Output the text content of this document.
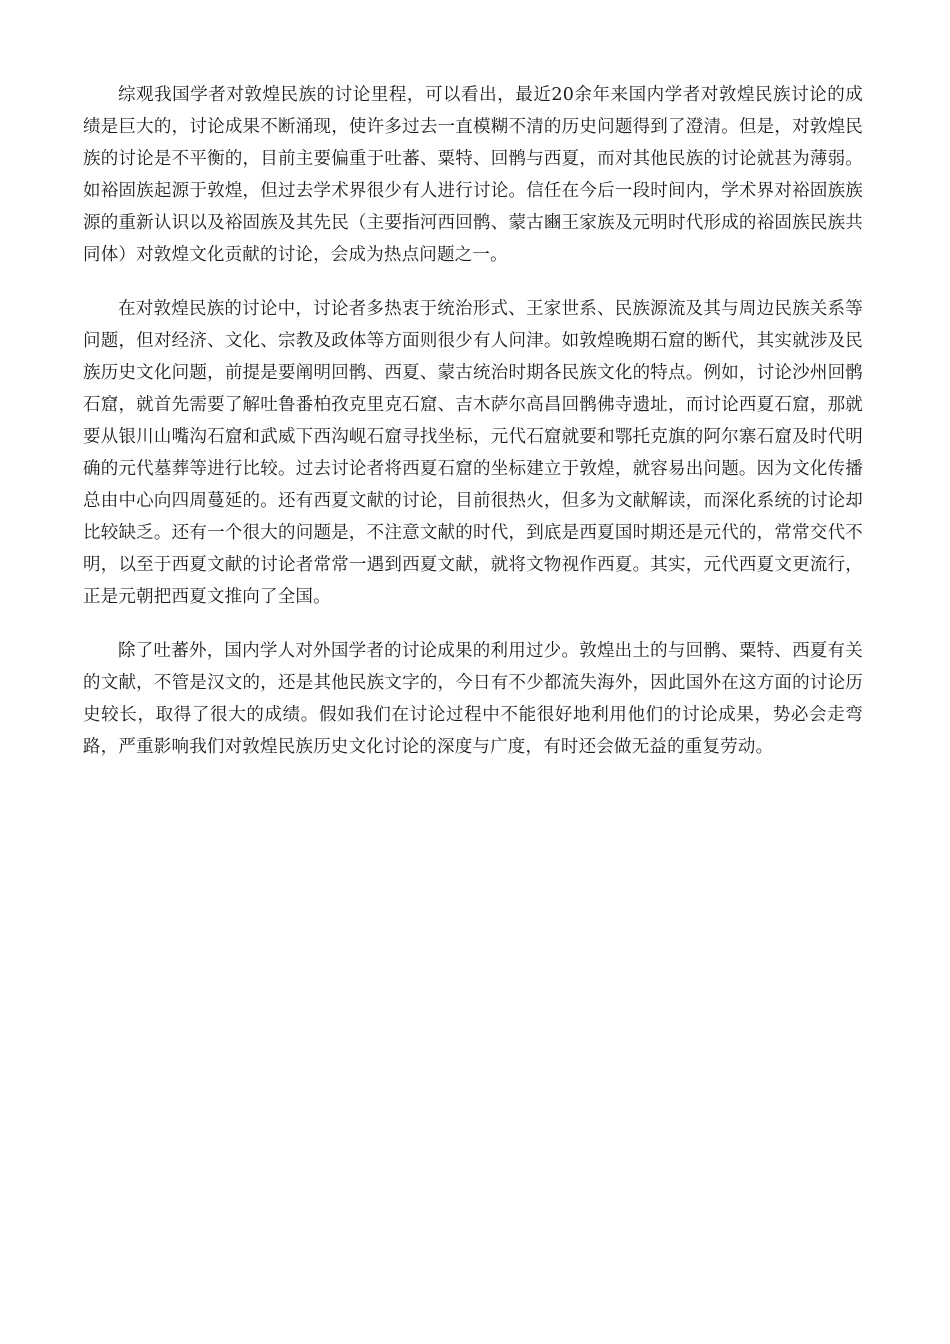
综观我国学者对敦煌民族的讨论里程，可以看出，最近20余年来国内学者对敦煌民族讨论的成绩是巨大的，讨论成果不断涌现，使许多过去一直模糊不清的历史问题得到了澄清。但是，对敦煌民族的讨论是不平衡的，目前主要偏重于吐蕃、粟特、回鹘与西夏，而对其他民族的讨论就甚为薄弱。如裕固族起源于敦煌，但过去学术界很少有人进行讨论。信任在今后一段时间内，学术界对裕固族族源的重新认识以及裕固族及其先民（主要指河西回鹘、蒙古豳王家族及元明时代形成的裕固族民族共同体）对敦煌文化贡献的讨论，会成为热点问题之一。

在对敦煌民族的讨论中，讨论者多热衷于统治形式、王家世系、民族源流及其与周边民族关系等问题，但对经济、文化、宗教及政体等方面则很少有人问津。如敦煌晚期石窟的断代，其实就涉及民族历史文化问题，前提是要阐明回鹘、西夏、蒙古统治时期各民族文化的特点。例如，讨论沙州回鹘石窟，就首先需要了解吐鲁番柏孜克里克石窟、吉木萨尔高昌回鹘佛寺遗址，而讨论西夏石窟，那就要从银川山嘴沟石窟和武威下西沟岘石窟寻找坐标，元代石窟就要和鄂托克旗的阿尔寨石窟及时代明确的元代墓葬等进行比较。过去讨论者将西夏石窟的坐标建立于敦煌，就容易出问题。因为文化传播总由中心向四周蔓延的。还有西夏文献的讨论，目前很热火，但多为文献解读，而深化系统的讨论却比较缺乏。还有一个很大的问题是，不注意文献的时代，到底是西夏国时期还是元代的，常常交代不明，以至于西夏文献的讨论者常常一遇到西夏文献，就将文物视作西夏。其实，元代西夏文更流行，正是元朝把西夏文推向了全国。

除了吐蕃外，国内学人对外国学者的讨论成果的利用过少。敦煌出土的与回鹘、粟特、西夏有关的文献，不管是汉文的，还是其他民族文字的，今日有不少都流失海外，因此国外在这方面的讨论历史较长，取得了很大的成绩。假如我们在讨论过程中不能很好地利用他们的讨论成果，势必会走弯路，严重影响我们对敦煌民族历史文化讨论的深度与广度，有时还会做无益的重复劳动。
